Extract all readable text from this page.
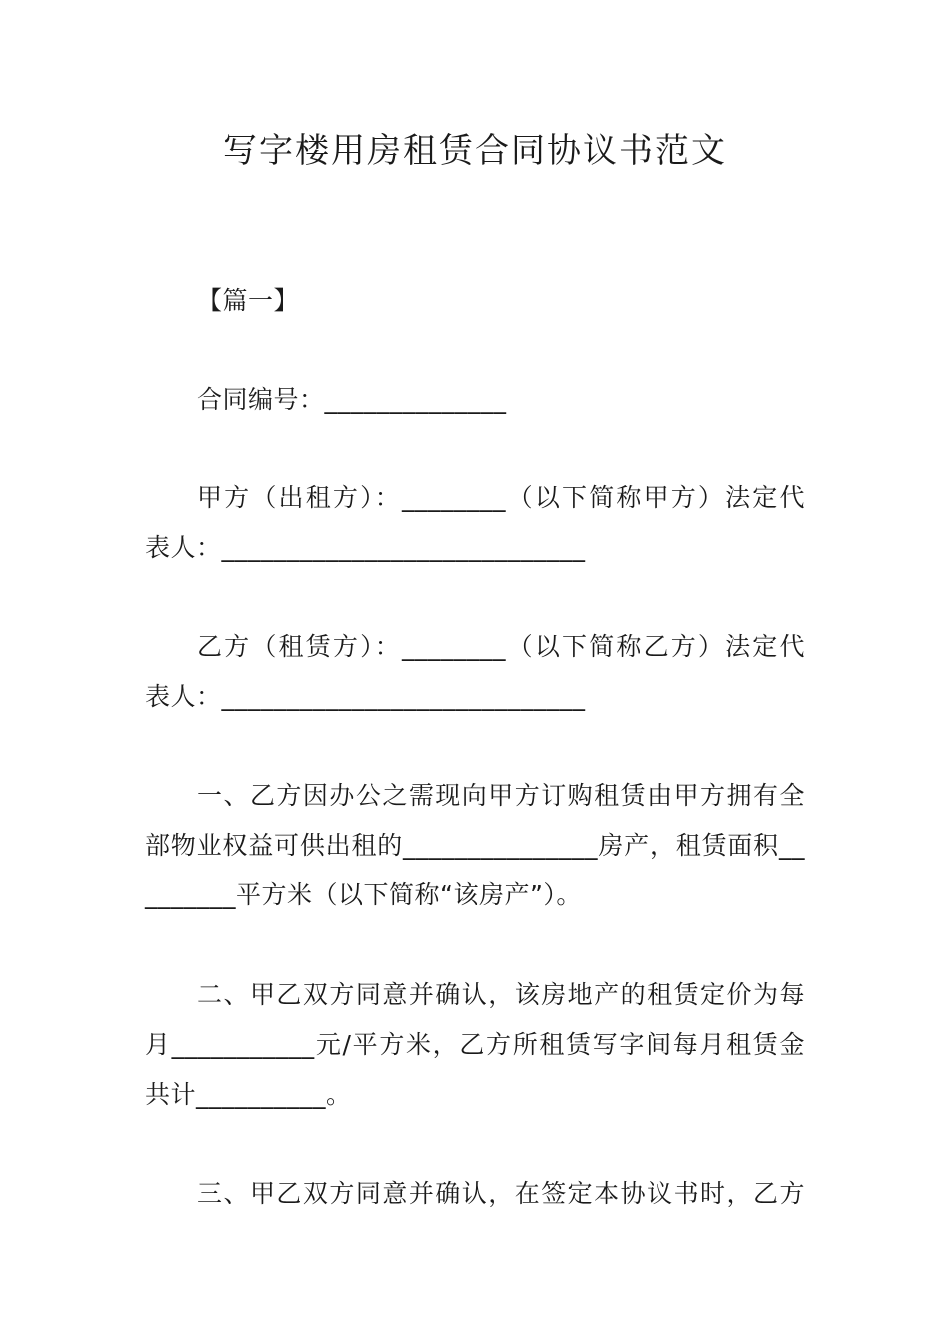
写字楼用房租赁合同协议书范文
【篇一】
合同编号：______________
甲方（出租方）：________（以下简称甲方）法定代
表人：____________________________
乙方（租赁方）：________（以下简称乙方）法定代
表人：____________________________
一、乙方因办公之需现向甲方订购租赁由甲方拥有全
部物业权益可供出租的_______________房产，租赁面积__
_______平方米（以下简称“该房产”）。
二、甲乙双方同意并确认，该房地产的租赁定价为每
月___________元/平方米，乙方所租赁写字间每月租赁金
共计__________。
三、甲乙双方同意并确认，在签定本协议书时，乙方
